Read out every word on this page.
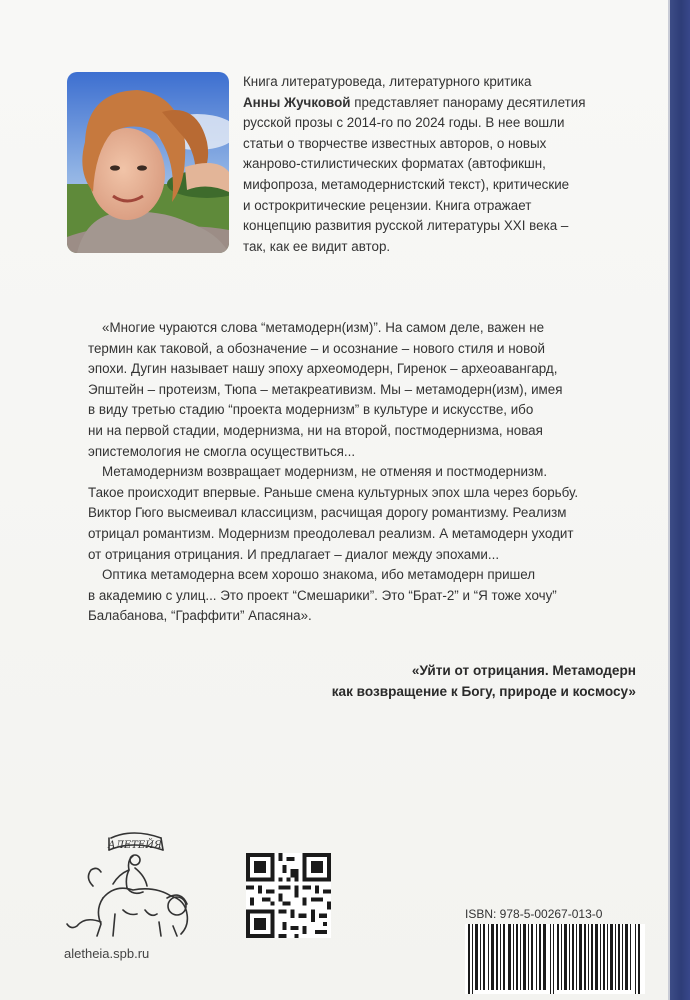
Книга литературоведа, литературного критика
Анны Жучковой представляет панораму десятилетия
русской прозы с 2014-го по 2024 годы. В нее вошли
статьи о творчестве известных авторов, о новых
жанрово-стилистических форматах (автофикшн,
мифопроза, метамодернистский текст), критические
и острокритические рецензии. Книга отражает
концепцию развития русской литературы XXI века –
так, как ее видит автор.

«Многие чураются слова “метамодерн(изм)”. На самом деле, важен не
термин как таковой, а обозначение – и осознание – нового стиля и новой
эпохи. Дугин называет нашу эпоху археомодерн, Гиренок – археоавангард,
Эпштейн – протеизм, Тюпа – метакреативизм. Мы – метамодерн(изм), имея
в виду третью стадию “проекта модернизм” в культуре и искусстве, ибо
ни на первой стадии, модернизма, ни на второй, постмодернизма, новая
эпистемология не смогла осуществиться...

Метамодернизм возвращает модернизм, не отменяя и постмодернизм.
Такое происходит впервые. Раньше смена культурных эпох шла через борьбу.
Виктор Гюго высмеивал классицизм, расчищая дорогу романтизму. Реализм
отрицал романтизм. Модернизм преодолевал реализм. А метамодерн уходит
от отрицания отрицания. И предлагает – диалог между эпохами...

Оптика метамодерна всем хорошо знакома, ибо метамодерн пришел
в академию с улиц... Это проект “Смешарики”. Это “Брат-2” и “Я тоже хочу”
Балабанова, “Граффити” Апасяна».

«Уйти от отрицания. Метамодерн
как возвращение к Богу, природе и космосу»
АЛЕТЕЙЯ
aletheia.spb.ru
ISBN: 978-5-00267-013-0
